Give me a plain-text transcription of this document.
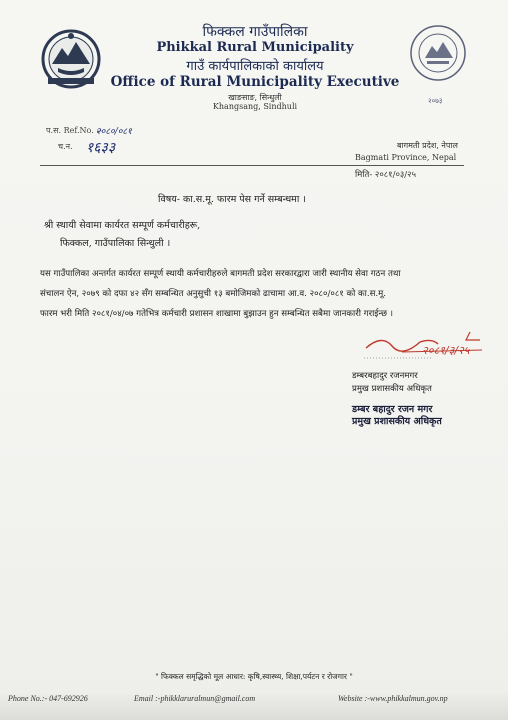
फिक्कल गाउँपालिका
Phikkal Rural Municipality
गाउँ कार्यपालिकाको कार्यालय
Office of Rural Municipality Executive
खाङसाङ, सिन्धुली
Khangsang, Sindhuli
२०७३
प.स. Ref.No. :-
२०८०/०८१
च.न. १६३३	बागमती प्रदेश, नेपाल
Bagmati Province, Nepal
मिति- २०८१/०३/२५
विषय- का.स.मू. फारम पेस गर्ने सम्बन्धमा ।
श्री स्थायी सेवामा कार्यरत सम्पूर्ण कर्मचारीहरू,
फिक्कल, गाउँपालिका सिन्धुली ।
यस गाउँपालिका अन्तर्गत कार्यरत सम्पूर्ण स्थायी कर्मचारीहरुले बागमती प्रदेश सरकारद्वारा जारी स्थानीय सेवा गठन तथा
संचालन ऐन, २०७९ को दफा ४२ सँग सम्बन्धित अनुसुची १३ बमोजिमको ढाचामा आ.व. २०८०/०८१ को का.स.मू.
फारम भरी मिति २०८१/०४/०७ गतेभित्र कर्मचारी प्रशासन शाखामा बुझाउन हुन सम्बन्धित सबैमा जानकारी गराईन्छ ।
२०८१/३/२५
डम्बरबहादुर रजनमगर
प्रमुख प्रशासकीय अधिकृत
डम्बर बहादुर रजन मगर
प्रमुख प्रशासकीय अधिकृत
" फिक्कल समृद्धिको मूल आधार: कृषि,स्वास्थ्य, शिक्षा,पर्यटन र रोजगार "
Phone No.:- 047-692926	Email :-phikklaruralmun@gmail.com	Website :-www.phikkalmun.gov.np
